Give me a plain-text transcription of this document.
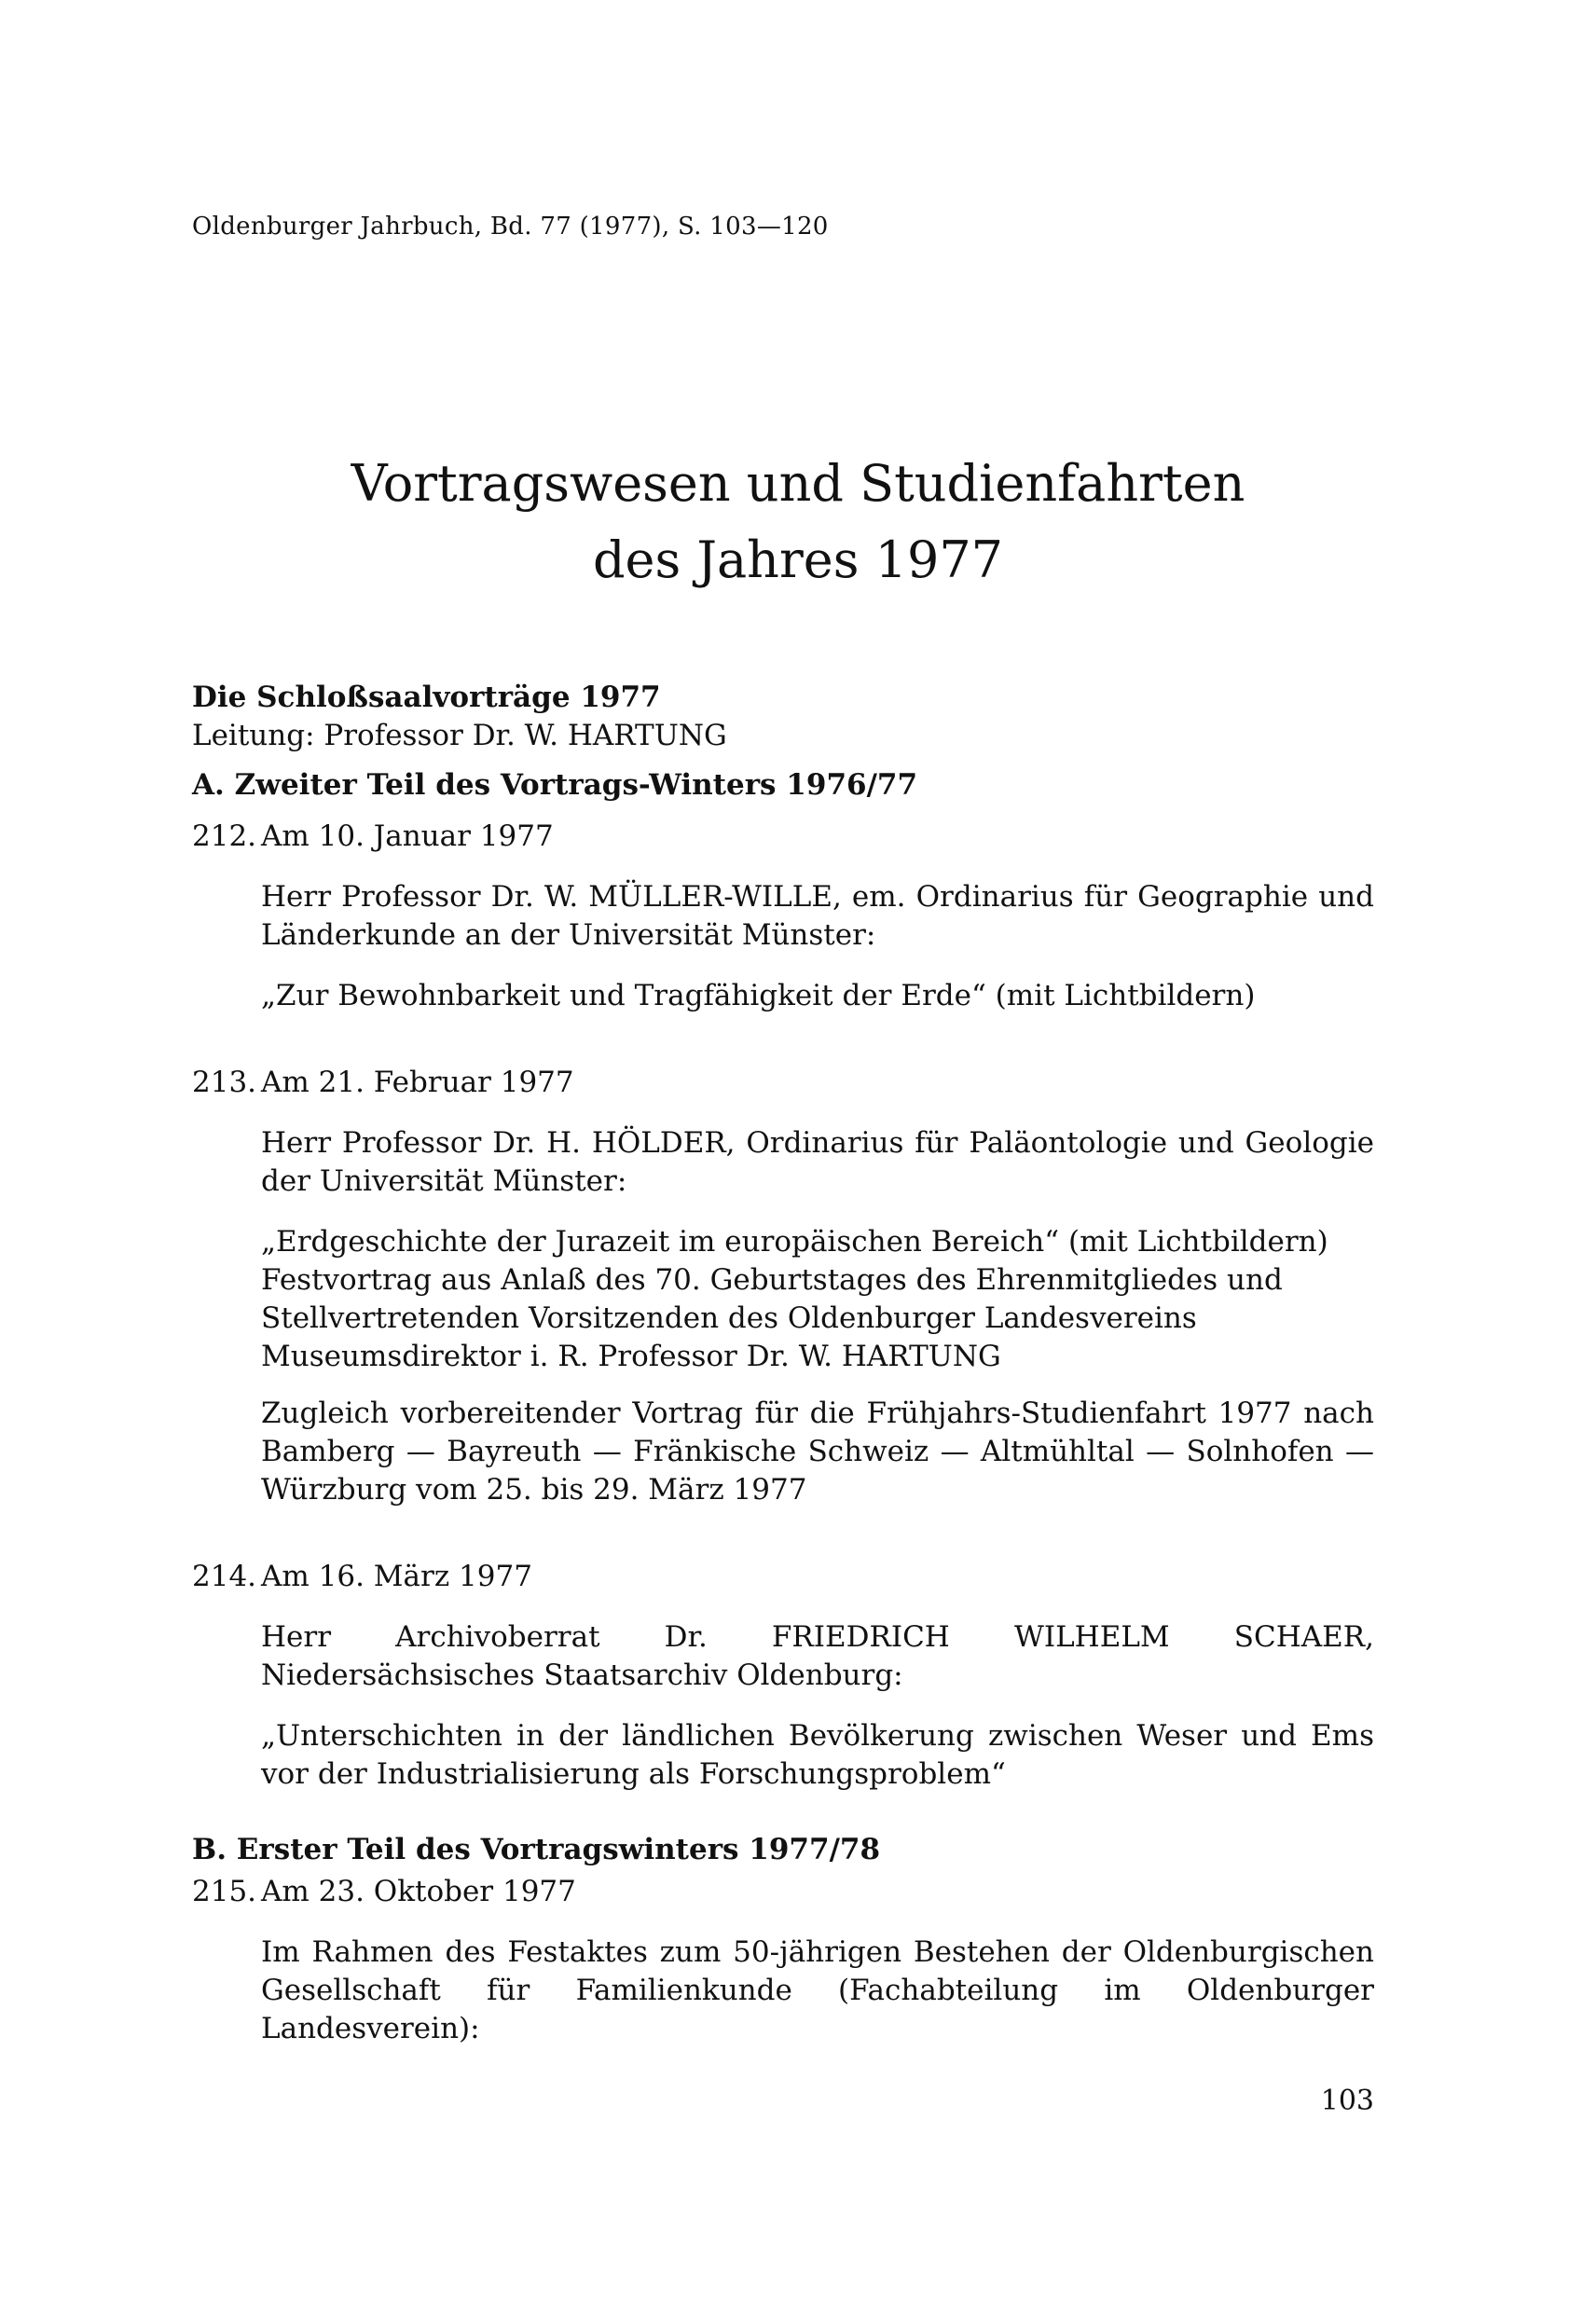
Oldenburger Jahrbuch, Bd. 77 (1977), S. 103—120
Vortragswesen und Studienfahrten
des Jahres 1977
Die Schloßsaalvorträge 1977
Leitung: Professor Dr. W. HARTUNG
A. Zweiter Teil des Vortrags-Winters 1976/77
212. Am 10. Januar 1977

Herr Professor Dr. W. MÜLLER-WILLE, em. Ordinarius für Geographie und Länderkunde an der Universität Münster:

„Zur Bewohnbarkeit und Tragfähigkeit der Erde“ (mit Lichtbildern)

213. Am 21. Februar 1977

Herr Professor Dr. H. HÖLDER, Ordinarius für Paläontologie und Geologie der Universität Münster:

„Erdgeschichte der Jurazeit im europäischen Bereich“ (mit Lichtbildern)

Festvortrag aus Anlaß des 70. Geburtstages des Ehrenmitgliedes und Stellvertretenden Vorsitzenden des Oldenburger Landesvereins Museumsdirektor i. R. Professor Dr. W. HARTUNG

Zugleich vorbereitender Vortrag für die Frühjahrs-Studienfahrt 1977 nach Bamberg — Bayreuth — Fränkische Schweiz — Altmühltal — Solnhofen — Würzburg vom 25. bis 29. März 1977

214. Am 16. März 1977

Herr Archivoberrat Dr. FRIEDRICH WILHELM SCHAER, Niedersächsisches Staatsarchiv Oldenburg:

„Unterschichten in der ländlichen Bevölkerung zwischen Weser und Ems vor der Industrialisierung als Forschungsproblem“

B. Erster Teil des Vortragswinters 1977/78
215. Am 23. Oktober 1977

Im Rahmen des Festaktes zum 50-jährigen Bestehen der Oldenburgischen Gesellschaft für Familienkunde (Fachabteilung im Oldenburger Landesverein):

103
